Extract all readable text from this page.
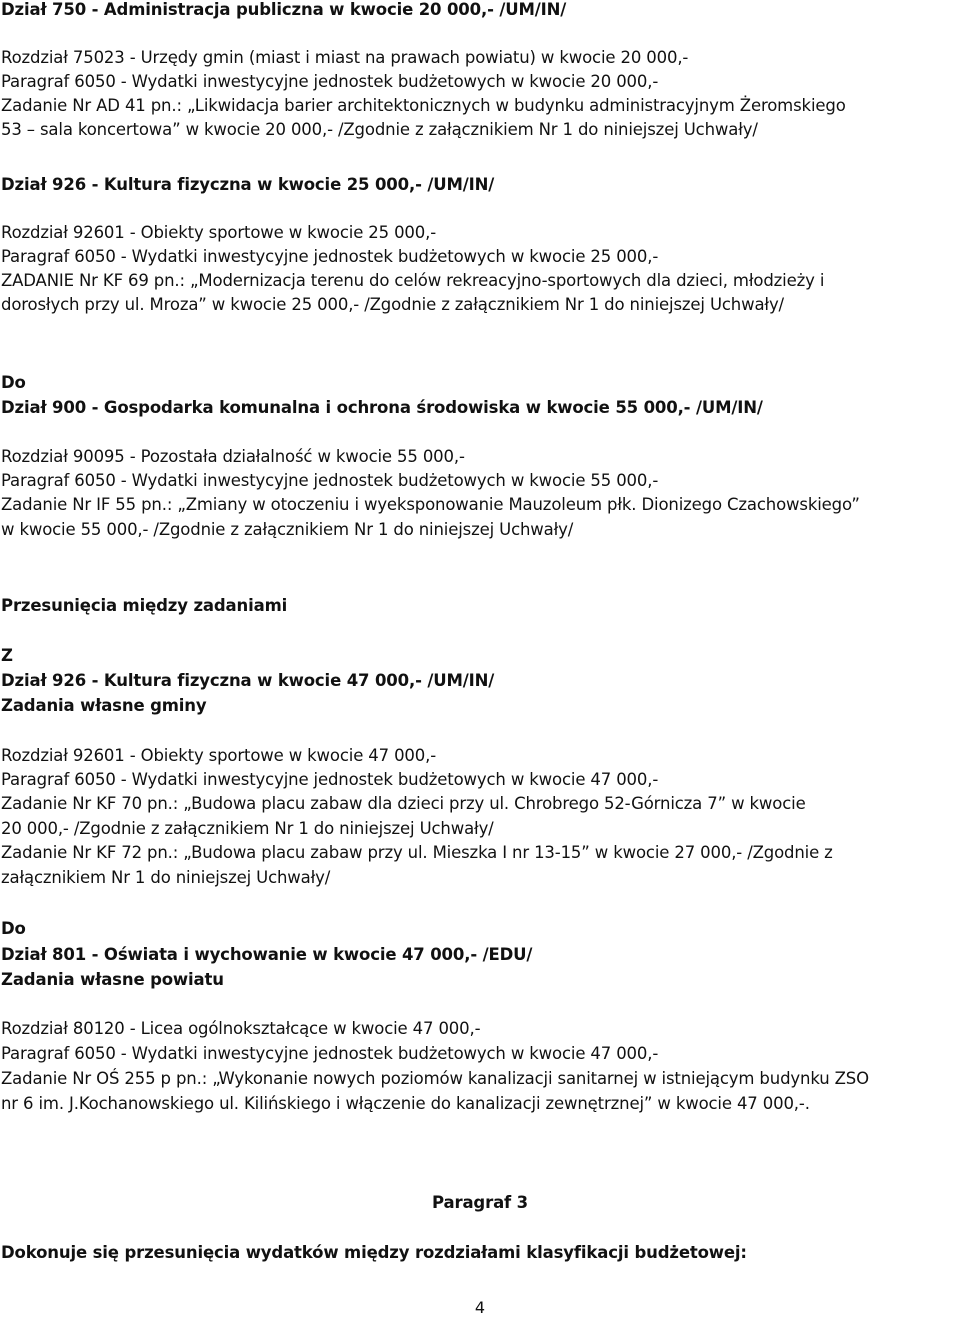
Dział 750 - Administracja publiczna w kwocie 20 000,- /UM/IN/
Rozdział 75023 - Urzędy gmin (miast i miast na prawach powiatu) w kwocie 20 000,-
Paragraf 6050 - Wydatki inwestycyjne jednostek budżetowych w kwocie 20 000,-
Zadanie Nr AD 41 pn.: „Likwidacja barier architektonicznych w budynku administracyjnym Żeromskiego
53 – sala koncertowa” w kwocie 20 000,- /Zgodnie z załącznikiem Nr 1 do niniejszej Uchwały/
Dział 926 - Kultura fizyczna w kwocie 25 000,- /UM/IN/
Rozdział 92601 - Obiekty sportowe w kwocie 25 000,-
Paragraf 6050 - Wydatki inwestycyjne jednostek budżetowych w kwocie 25 000,-
ZADANIE Nr KF 69 pn.: „Modernizacja terenu do celów rekreacyjno-sportowych dla dzieci, młodzieży i
dorosłych przy ul. Mroza” w kwocie 25 000,- /Zgodnie z załącznikiem Nr 1 do niniejszej Uchwały/
Do
Dział 900 - Gospodarka komunalna i ochrona środowiska w kwocie 55 000,- /UM/IN/
Rozdział 90095 - Pozostała działalność w kwocie 55 000,-
Paragraf 6050 - Wydatki inwestycyjne jednostek budżetowych w kwocie 55 000,-
Zadanie Nr IF 55 pn.: „Zmiany w otoczeniu i wyeksponowanie Mauzoleum płk. Dionizego Czachowskiego”
w kwocie 55 000,- /Zgodnie z załącznikiem Nr 1 do niniejszej Uchwały/
Przesunięcia między zadaniami
Z
Dział 926 - Kultura fizyczna w kwocie 47 000,- /UM/IN/
Zadania własne gminy
Rozdział 92601 - Obiekty sportowe w kwocie 47 000,-
Paragraf 6050 - Wydatki inwestycyjne jednostek budżetowych w kwocie 47 000,-
Zadanie Nr KF 70 pn.: „Budowa placu zabaw dla dzieci przy ul. Chrobrego 52-Górnicza 7” w kwocie
20 000,- /Zgodnie z załącznikiem Nr 1 do niniejszej Uchwały/
Zadanie Nr KF 72 pn.: „Budowa placu zabaw przy ul. Mieszka I nr 13-15” w kwocie 27 000,- /Zgodnie z
załącznikiem Nr 1 do niniejszej Uchwały/
Do
Dział 801 - Oświata i wychowanie w kwocie 47 000,- /EDU/
Zadania własne powiatu
Rozdział 80120 - Licea ogólnokształcące w kwocie 47 000,-
Paragraf 6050 - Wydatki inwestycyjne jednostek budżetowych w kwocie 47 000,-
Zadanie Nr OŚ 255 p pn.: „Wykonanie nowych poziomów kanalizacji sanitarnej w istniejącym budynku ZSO
nr 6 im. J.Kochanowskiego ul. Kilińskiego i włączenie do kanalizacji zewnętrznej” w kwocie 47 000,-.
Paragraf 3
Dokonuje się przesunięcia wydatków między rozdziałami klasyfikacji budżetowej:
4
